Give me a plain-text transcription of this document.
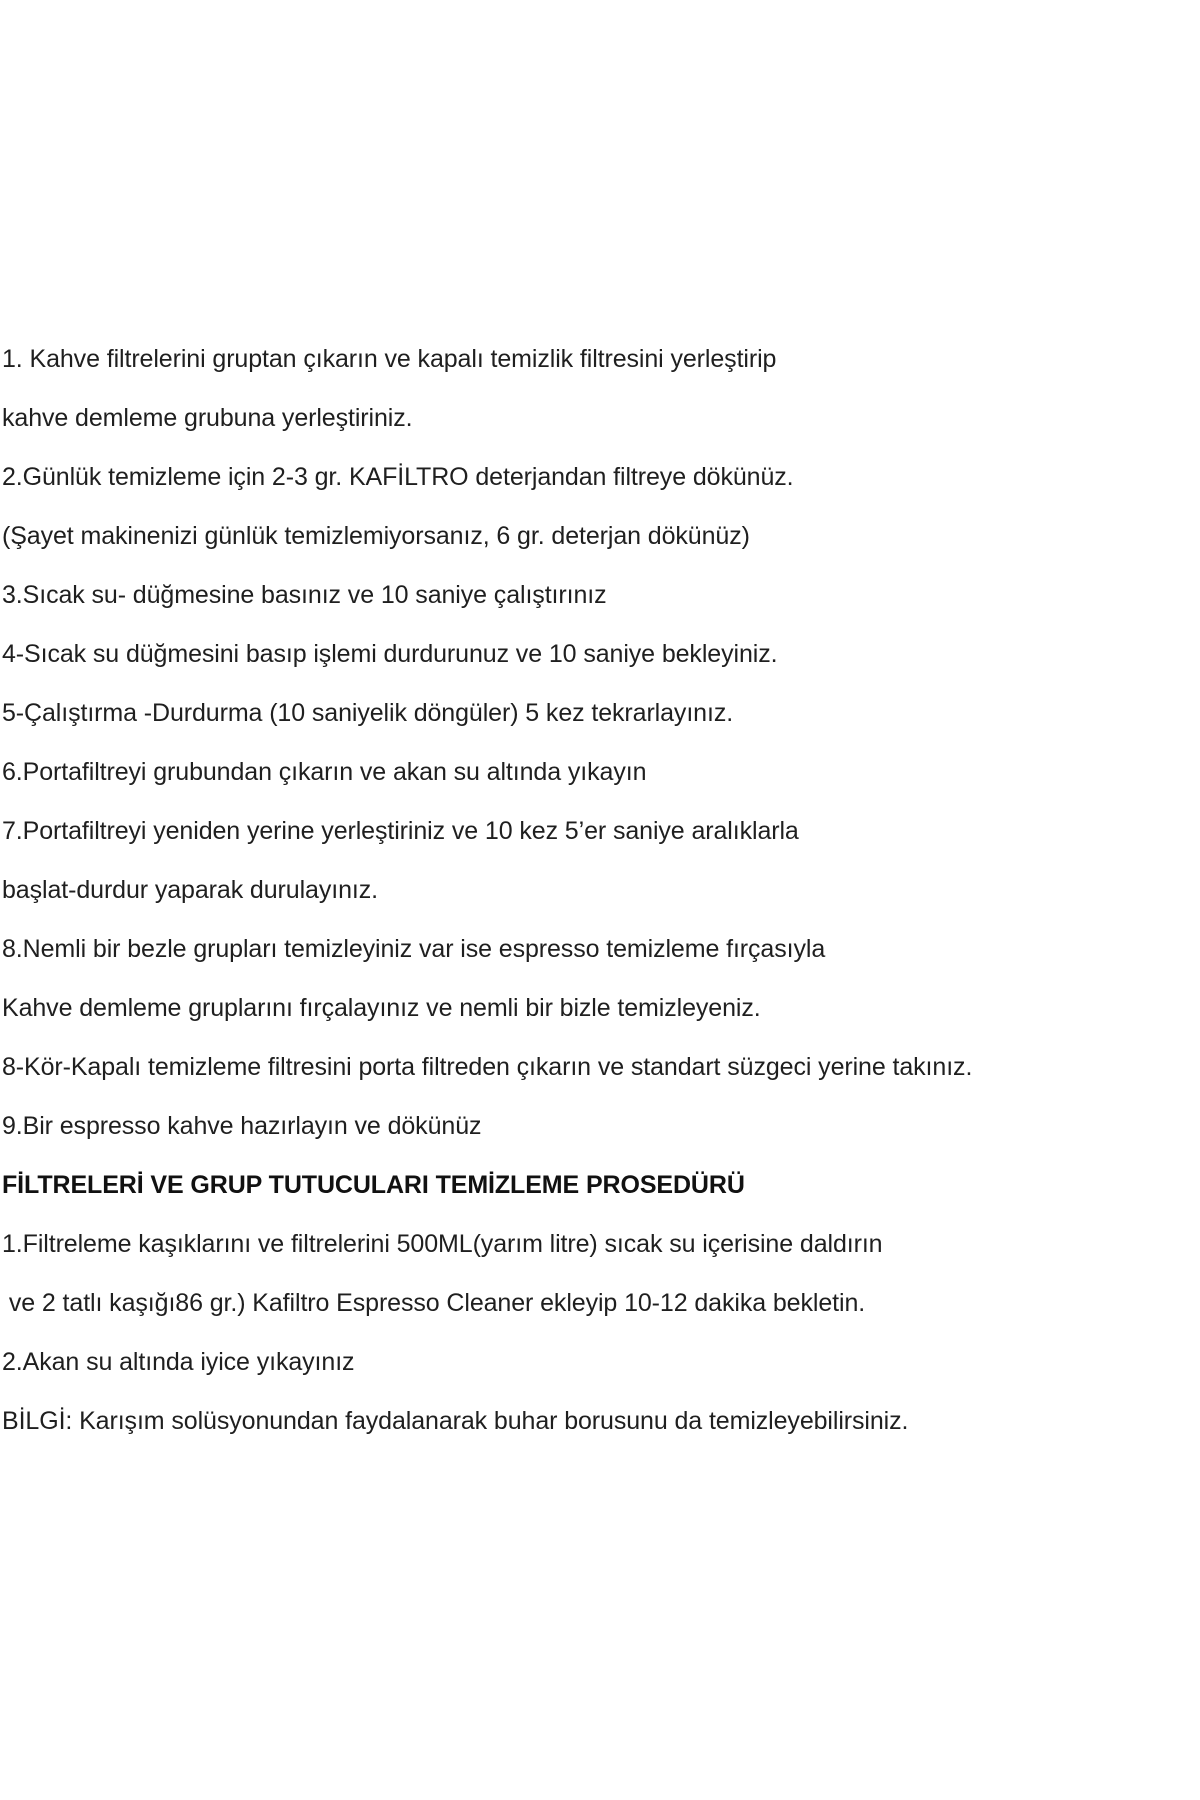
1. Kahve filtrelerini gruptan çıkarın ve kapalı temizlik filtresini yerleştirip
kahve demleme grubuna yerleştiriniz.
2.Günlük temizleme için 2-3 gr. KAFİLTRO deterjandan filtreye dökünüz.
(Şayet makinenizi günlük temizlemiyorsanız, 6 gr. deterjan dökünüz)
3.Sıcak su- düğmesine basınız ve 10 saniye çalıştırınız
4-Sıcak su düğmesini basıp işlemi durdurunuz ve 10 saniye bekleyiniz.
5-Çalıştırma -Durdurma (10 saniyelik döngüler) 5 kez tekrarlayınız.
6.Portafiltreyi grubundan çıkarın ve akan su altında yıkayın
7.Portafiltreyi yeniden yerine yerleştiriniz ve 10 kez 5’er saniye aralıklarla
başlat-durdur yaparak durulayınız.
8.Nemli bir bezle grupları temizleyiniz var ise espresso temizleme fırçasıyla
Kahve demleme gruplarını fırçalayınız ve nemli bir bizle temizleyeniz.
8-Kör-Kapalı temizleme filtresini porta filtreden çıkarın ve standart süzgeci yerine takınız.
9.Bir espresso kahve hazırlayın ve dökünüz
FİLTRELERİ VE GRUP TUTUCULARI TEMİZLEME PROSEDÜRÜ
1.Filtreleme kaşıklarını ve filtrelerini 500ML(yarım litre) sıcak su içerisine daldırın
ve 2 tatlı kaşığı86 gr.) Kafiltro Espresso Cleaner ekleyip 10-12 dakika bekletin.
2.Akan su altında iyice yıkayınız
BİLGİ: Karışım solüsyonundan faydalanarak buhar borusunu da temizleyebilirsiniz.
